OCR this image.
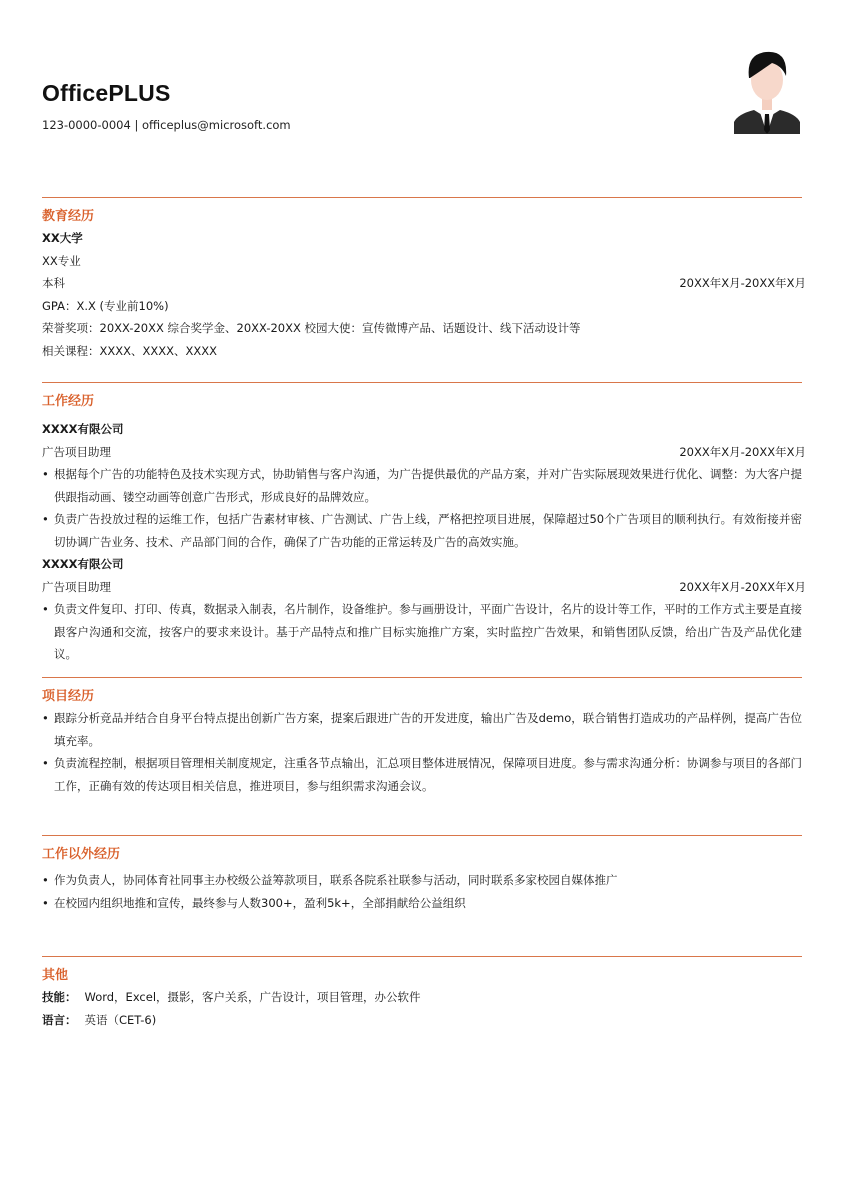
OfficePLUS
123-0000-0004 | officeplus@microsoft.com
教育经历
XX大学
XX专业
本科	20XX年X月-20XX年X月
GPA：X.X (专业前10%)
荣誉奖项：20XX-20XX 综合奖学金、20XX-20XX 校园大使：宣传微博产品、话题设计、线下活动设计等
相关课程：XXXX、XXXX、XXXX
工作经历
XXXX有限公司
广告项目助理	20XX年X月-20XX年X月
• 根据每个广告的功能特色及技术实现方式，协助销售与客户沟通，为广告提供最优的产品方案，并对广告实际展现效果进行优化、调整：为大客户提供跟指动画、镂空动画等创意广告形式，形成良好的品牌效应。
• 负责广告投放过程的运维工作，包括广告素材审核、广告测试、广告上线，严格把控项目进展，保障超过50个广告项目的顺利执行。有效衔接并密切协调广告业务、技术、产品部门间的合作，确保了广告功能的正常运转及广告的高效实施。
XXXX有限公司
广告项目助理	20XX年X月-20XX年X月
• 负责文件复印、打印、传真，数据录入制表，名片制作，设备维护。参与画册设计，平面广告设计，名片的设计等工作，平时的工作方式主要是直接跟客户沟通和交流，按客户的要求来设计。基于产品特点和推广目标实施推广方案，实时监控广告效果，和销售团队反馈，给出广告及产品优化建议。
项目经历
• 跟踪分析竞品并结合自身平台特点提出创新广告方案，提案后跟进广告的开发进度，输出广告及demo，联合销售打造成功的产品样例，提高广告位填充率。
• 负责流程控制，根据项目管理相关制度规定，注重各节点输出，汇总项目整体进展情况，保障项目进度。参与需求沟通分析：协调参与项目的各部门工作，正确有效的传达项目相关信息，推进项目，参与组织需求沟通会议。
工作以外经历
• 作为负责人，协同体育社同事主办校级公益筹款项目，联系各院系社联参与活动，同时联系多家校园自媒体推广
• 在校园内组织地推和宣传，最终参与人数300+，盈利5k+，全部捐献给公益组织
其他
技能： Word，Excel，摄影，客户关系，广告设计，项目管理，办公软件
语言： 英语（CET-6)
